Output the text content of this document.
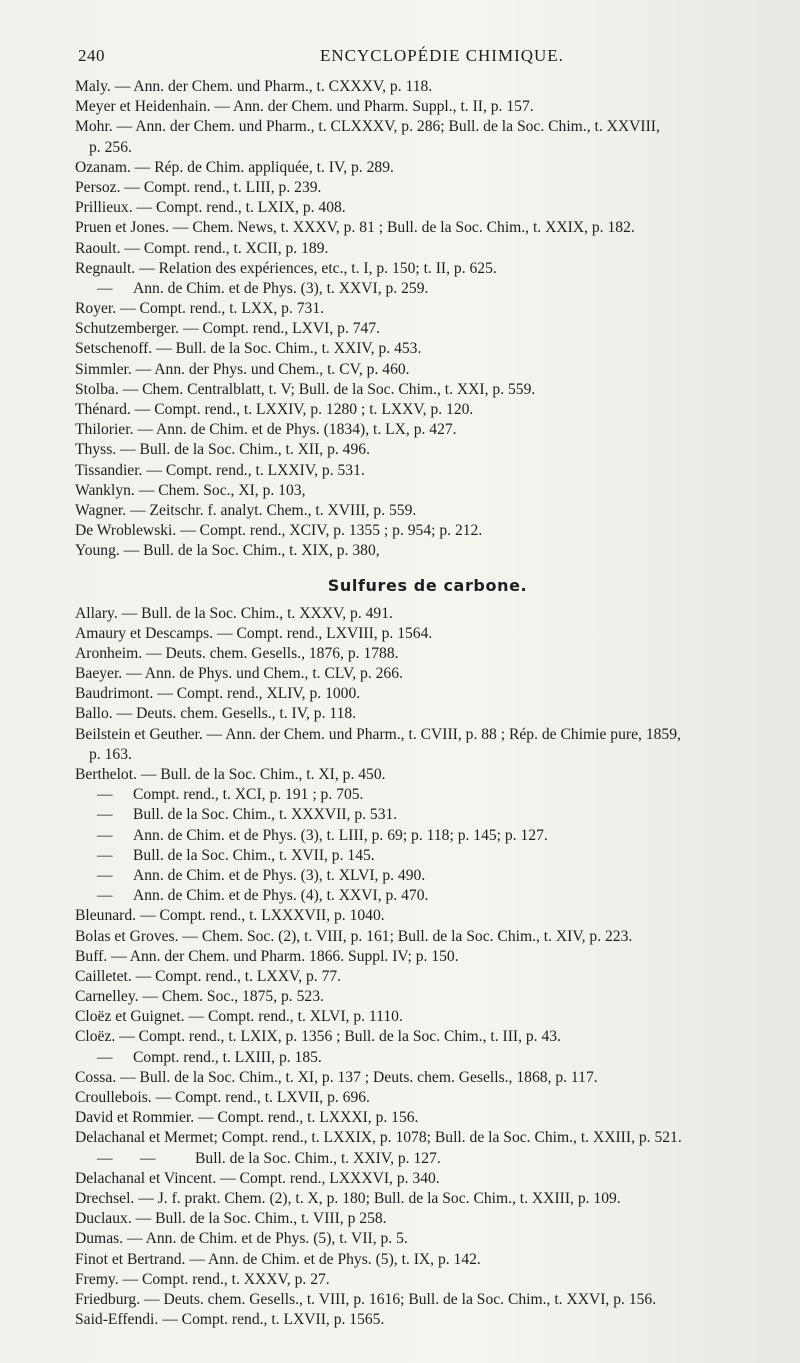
240	ENCYCLOPÉDIE CHIMIQUE.
Maly. — Ann. der Chem. und Pharm., t. CXXXV, p. 118.
Meyer et Heidenhain. — Ann. der Chem. und Pharm. Suppl., t. II, p. 157.
Mohr. — Ann. der Chem. und Pharm., t. CLXXXV, p. 286; Bull. de la Soc. Chim., t. XXVIII,
p. 256.
Ozanam. — Rép. de Chim. appliquée, t. IV, p. 289.
Persoz. — Compt. rend., t. LIII, p. 239.
Prillieux. — Compt. rend., t. LXIX, p. 408.
Pruen et Jones. — Chem. News, t. XXXV, p. 81 ; Bull. de la Soc. Chim., t. XXIX, p. 182.
Raoult. — Compt. rend., t. XCII, p. 189.
Regnault. — Relation des expériences, etc., t. I, p. 150; t. II, p. 625.
— Ann. de Chim. et de Phys. (3), t. XXVI, p. 259.
Royer. — Compt. rend., t. LXX, p. 731.
Schutzemberger. — Compt. rend., LXVI, p. 747.
Setschenoff. — Bull. de la Soc. Chim., t. XXIV, p. 453.
Simmler. — Ann. der Phys. und Chem., t. CV, p. 460.
Stolba. — Chem. Centralblatt, t. V; Bull. de la Soc. Chim., t. XXI, p. 559.
Thénard. — Compt. rend., t. LXXIV, p. 1280 ; t. LXXV, p. 120.
Thilorier. — Ann. de Chim. et de Phys. (1834), t. LX, p. 427.
Thyss. — Bull. de la Soc. Chim., t. XII, p. 496.
Tissandier. — Compt. rend., t. LXXIV, p. 531.
Wanklyn. — Chem. Soc., XI, p. 103,
Wagner. — Zeitschr. f. analyt. Chem., t. XVIII, p. 559.
De Wroblewski. — Compt. rend., XCIV, p. 1355 ; p. 954; p. 212.
Young. — Bull. de la Soc. Chim., t. XIX, p. 380,
Sulfures de carbone.
Allary. — Bull. de la Soc. Chim., t. XXXV, p. 491.
Amaury et Descamps. — Compt. rend., LXVIII, p. 1564.
Aronheim. — Deuts. chem. Gesells., 1876, p. 1788.
Baeyer. — Ann. de Phys. und Chem., t. CLV, p. 266.
Baudrimont. — Compt. rend., XLIV, p. 1000.
Ballo. — Deuts. chem. Gesells., t. IV, p. 118.
Beilstein et Geuther. — Ann. der Chem. und Pharm., t. CVIII, p. 88 ; Rép. de Chimie pure, 1859,
p. 163.
Berthelot. — Bull. de la Soc. Chim., t. XI, p. 450.
— Compt. rend., t. XCI, p. 191 ; p. 705.
— Bull. de la Soc. Chim., t. XXXVII, p. 531.
— Ann. de Chim. et de Phys. (3), t. LIII, p. 69; p. 118; p. 145; p. 127.
— Bull. de la Soc. Chim., t. XVII, p. 145.
— Ann. de Chim. et de Phys. (3), t. XLVI, p. 490.
— Ann. de Chim. et de Phys. (4), t. XXVI, p. 470.
Bleunard. — Compt. rend., t. LXXXVII, p. 1040.
Bolas et Groves. — Chem. Soc. (2), t. VIII, p. 161; Bull. de la Soc. Chim., t. XIV, p. 223.
Buff. — Ann. der Chem. und Pharm. 1866. Suppl. IV; p. 150.
Cailletet. — Compt. rend., t. LXXV, p. 77.
Carnelley. — Chem. Soc., 1875, p. 523.
Cloëz et Guignet. — Compt. rend., t. XLVI, p. 1110.
Cloëz. — Compt. rend., t. LXIX, p. 1356 ; Bull. de la Soc. Chim., t. III, p. 43.
— Compt. rend., t. LXIII, p. 185.
Cossa. — Bull. de la Soc. Chim., t. XI, p. 137 ; Deuts. chem. Gesells., 1868, p. 117.
Croullebois. — Compt. rend., t. LXVII, p. 696.
David et Rommier. — Compt. rend., t. LXXXI, p. 156.
Delachanal et Mermet; Compt. rend., t. LXXIX, p. 1078; Bull. de la Soc. Chim., t. XXIII, p. 521.
—       —	Bull. de la Soc. Chim., t. XXIV, p. 127.
Delachanal et Vincent. — Compt. rend., LXXXVI, p. 340.
Drechsel. — J. f. prakt. Chem. (2), t. X, p. 180; Bull. de la Soc. Chim., t. XXIII, p. 109.
Duclaux. — Bull. de la Soc. Chim., t. VIII, p 258.
Dumas. — Ann. de Chim. et de Phys. (5), t. VII, p. 5.
Finot et Bertrand. — Ann. de Chim. et de Phys. (5), t. IX, p. 142.
Fremy. — Compt. rend., t. XXXV, p. 27.
Friedburg. — Deuts. chem. Gesells., t. VIII, p. 1616; Bull. de la Soc. Chim., t. XXVI, p. 156.
Said-Effendi. — Compt. rend., t. LXVII, p. 1565.
